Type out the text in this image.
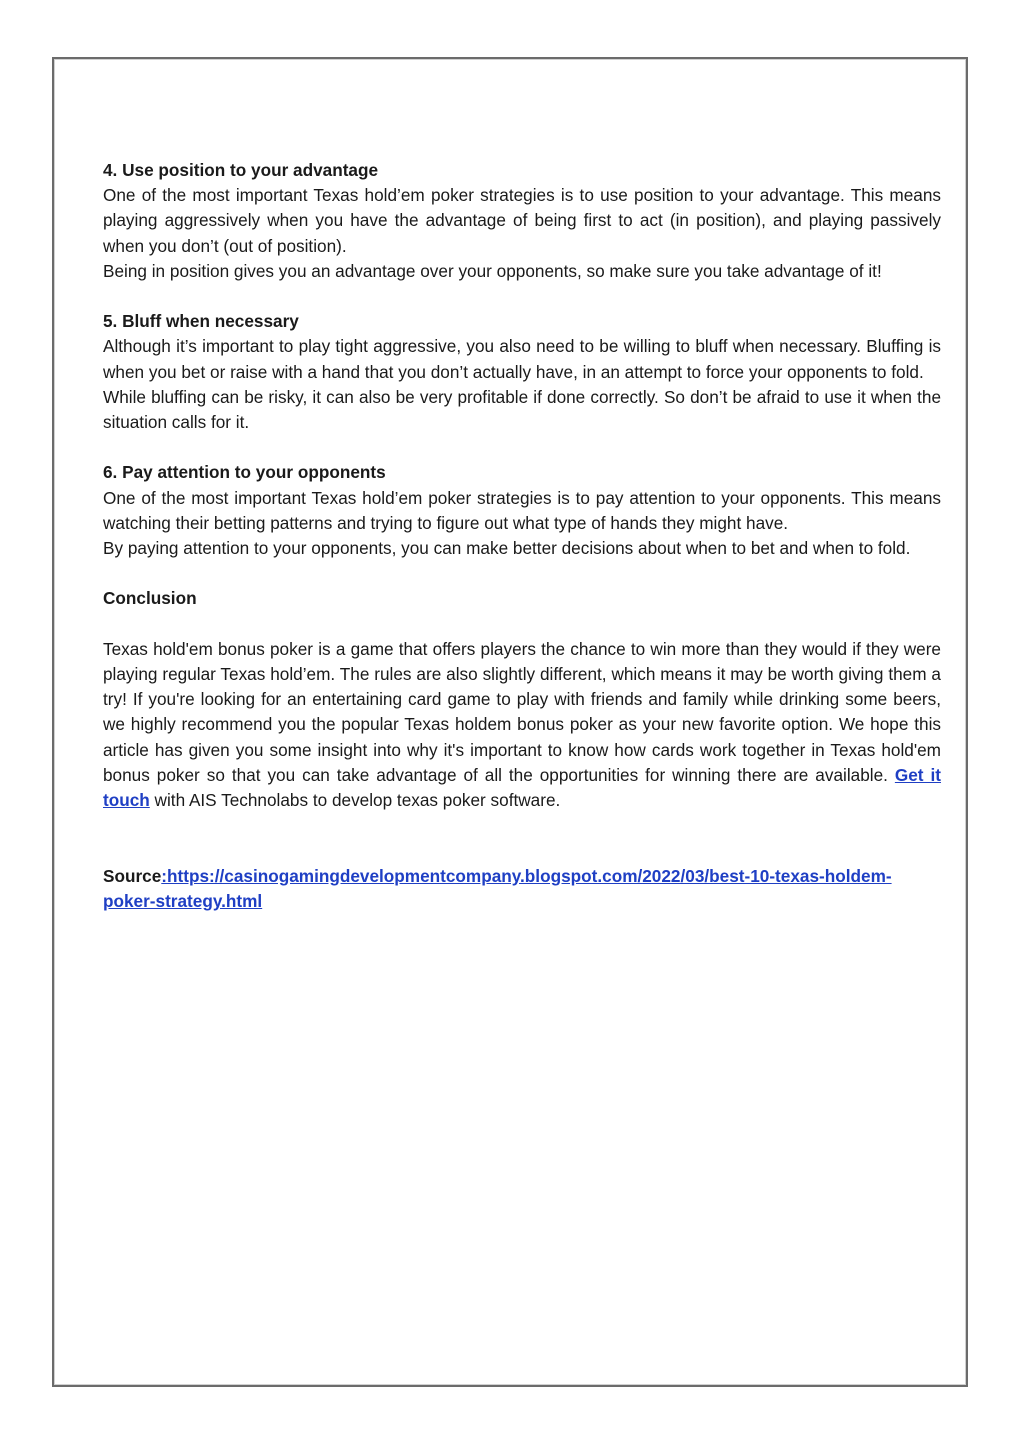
4. Use position to your advantage

One of the most important Texas hold’em poker strategies is to use position to your advantage. This means playing aggressively when you have the advantage of being first to act (in position), and playing passively when you don’t (out of position).

Being in position gives you an advantage over your opponents, so make sure you take advantage of it!

5. Bluff when necessary

Although it’s important to play tight aggressive, you also need to be willing to bluff when necessary. Bluffing is when you bet or raise with a hand that you don’t actually have, in an attempt to force your opponents to fold.

While bluffing can be risky, it can also be very profitable if done correctly. So don’t be afraid to use it when the situation calls for it.

6. Pay attention to your opponents

One of the most important Texas hold’em poker strategies is to pay attention to your opponents. This means watching their betting patterns and trying to figure out what type of hands they might have.

By paying attention to your opponents, you can make better decisions about when to bet and when to fold.

Conclusion

Texas hold'em bonus poker is a game that offers players the chance to win more than they would if they were playing regular Texas hold’em. The rules are also slightly different, which means it may be worth giving them a try! If you're looking for an entertaining card game to play with friends and family while drinking some beers, we highly recommend you the popular Texas holdem bonus poker as your new favorite option. We hope this article has given you some insight into why it's important to know how cards work together in Texas hold'em bonus poker so that you can take advantage of all the opportunities for winning there are available. Get it touch with AIS Technolabs to develop texas poker software.

Source:https://casinogamingdevelopmentcompany.blogspot.com/2022/03/best-10-texas-holdem-poker-strategy.html
